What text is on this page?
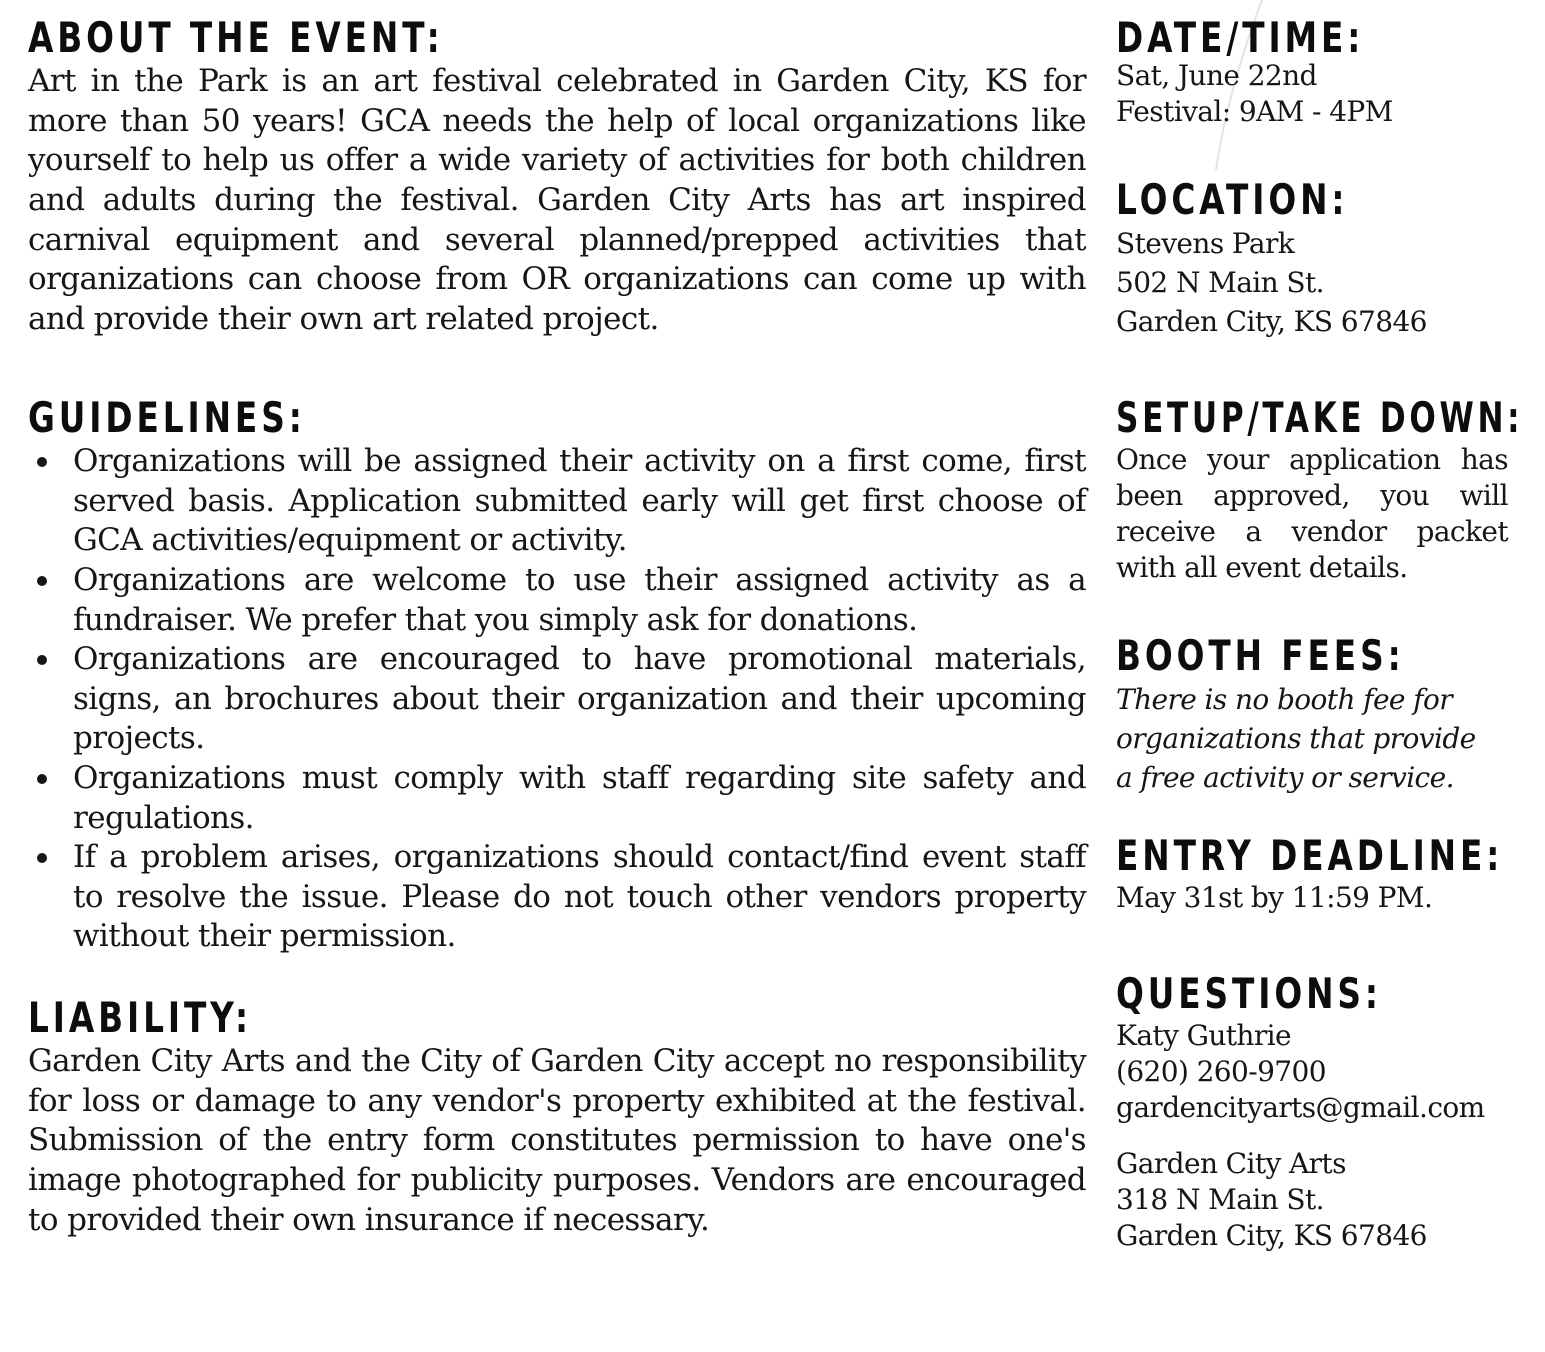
ABOUT THE EVENT:

Art in the Park is an art festival celebrated in Garden City, KS for more than 50 years! GCA needs the help of local organizations like yourself to help us offer a wide variety of activities for both children and adults during the festival. Garden City Arts has art inspired carnival equipment and several planned/prepped activities that organizations can choose from OR organizations can come up with and provide their own art related project.

GUIDELINES:
Organizations will be assigned their activity on a first come, first served basis. Application submitted early will get first choose of GCA activities/equipment or activity.
Organizations are welcome to use their assigned activity as a fundraiser. We prefer that you simply ask for donations.
Organizations are encouraged to have promotional materials, signs, an brochures about their organization and their upcoming projects.
Organizations must comply with staff regarding site safety and regulations.
If a problem arises, organizations should contact/find event staff to resolve the issue. Please do not touch other vendors property without their permission.
LIABILITY:

Garden City Arts and the City of Garden City accept no responsibility for loss or damage to any vendor's property exhibited at the festival. Submission of the entry form constitutes permission to have one's image photographed for publicity purposes. Vendors are encouraged to provided their own insurance if necessary.

DATE/TIME:

Sat, June 22nd
Festival: 9AM - 4PM

LOCATION:

Stevens Park
502 N Main St.
Garden City, KS 67846

SETUP/TAKE DOWN:

Once your application has been approved, you will receive a vendor packet with all event details.

BOOTH FEES:

There is no booth fee for organizations that provide a free activity or service.

ENTRY DEADLINE:

May 31st by 11:59 PM.

QUESTIONS:

Katy Guthrie
(620) 260-9700
gardencityarts@gmail.com

Garden City Arts
318 N Main St.
Garden City, KS 67846
